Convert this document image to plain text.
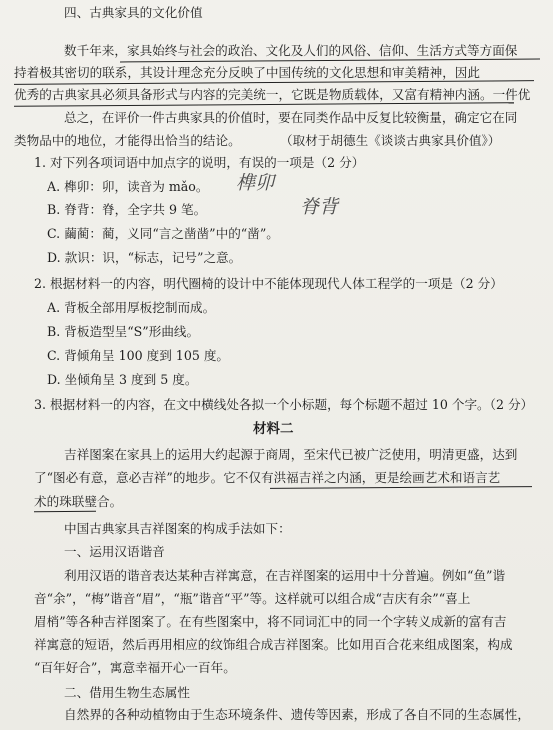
四、古典家具的文化价值
数千年来，家具始终与社会的政治、文化及人们的风俗、信仰、生活方式等方面保
持着极其密切的联系，其设计理念充分反映了中国传统的文化思想和审美精神，因此
优秀的古典家具必须具备形式与内容的完美统一，它既是物质载体，又富有精神内涵。一件优
总之，在评价一件古典家具的价值时，要在同类作品中反复比较衡量，确定它在同
类物品中的地位，才能得出恰当的结论。	（取材于胡德生《谈谈古典家具价值》）
1. 对下列各项词语中加点字的说明，有误的一项是（2 分）
A. 榫卯：卯，读音为 mǎo。
B. 脊背：脊，全字共 9 笔。
C. 繭蔺：蔺，义同“言之凿凿”中的“凿”。
D. 款识：识，“标志，记号”之意。
2. 根据材料一的内容，明代圈椅的设计中不能体现现代人体工程学的一项是（2 分）
A. 背板全部用厚板挖制而成。
B. 背板造型呈“S”形曲线。
C. 背倾角呈 100 度到 105 度。
D. 坐倾角呈 3 度到 5 度。
3. 根据材料一的内容，在文中横线处各拟一个小标题，每个标题不超过 10 个字。（2 分）
材料二
吉祥图案在家具上的运用大约起源于商周，至宋代已被广泛使用，明清更盛，达到
了“图必有意，意必吉祥”的地步。它不仅有洪福吉祥之内涵，更是绘画艺术和语言艺
术的珠联璧合。
中国古典家具吉祥图案的构成手法如下：
一、运用汉语谐音
利用汉语的谐音表达某种吉祥寓意，在吉祥图案的运用中十分普遍。例如“鱼”谐
音“余”，“梅”谐音“眉”，“瓶”谐音“平”等。这样就可以组合成“吉庆有余”“喜上
眉梢”等各种吉祥图案了。在有些图案中，将不同词汇中的同一个字转义成新的富有吉
祥寓意的短语，然后再用相应的纹饰组合成吉祥图案。比如用百合花来组成图案，构成
“百年好合”，寓意幸福开心一百年。
二、借用生物生态属性
自然界的各种动植物由于生态环境条件、遗传等因素，形成了各自不同的生态属性，
榫卯
脊背
